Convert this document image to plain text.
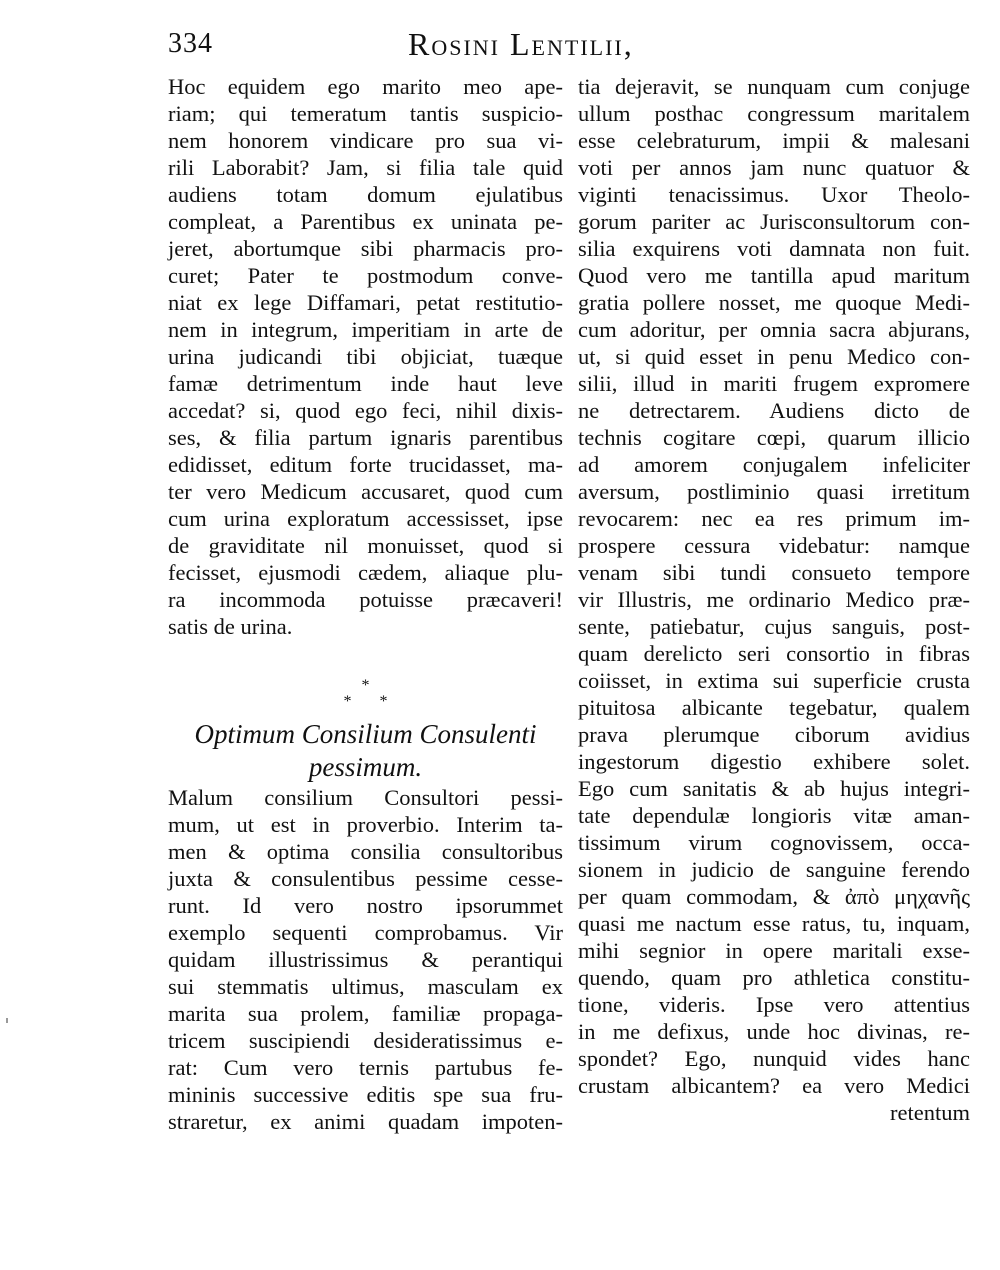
334	Rosini Lentilii,
Hoc equidem ego marito meo ape-
riam; qui temeratum tantis suspicio-
nem honorem vindicare pro sua vi-
rili Laborabit? Jam, si filia tale quid
audiens totam domum ejulatibus
compleat, a Parentibus ex uninata pe-
jeret, abortumque sibi pharmacis pro-
curet; Pater te postmodum conve-
niat ex lege Diffamari, petat restitutio-
nem in integrum, imperitiam in arte de
urina judicandi tibi objiciat, tuæque
famæ detrimentum inde haut leve
accedat? si, quod ego feci, nihil dixis-
ses, & filia partum ignaris parentibus
edidisset, editum forte trucidasset, ma-
ter vero Medicum accusaret, quod cum
cum urina exploratum accessisset, ipse
de graviditate nil monuisset, quod si
fecisset, ejusmodi cædem, aliaque plu-
ra incommoda potuisse præcaveri!
satis de urina.
*
**
Optimum Consilium Consulenti
pessimum.
Malum consilium Consultori pessi-
mum, ut est in proverbio. Interim ta-
men & optima consilia consultoribus
juxta & consulentibus pessime cesse-
runt. Id vero nostro ipsorummet
exemplo sequenti comprobamus. Vir
quidam illustrissimus & perantiqui
sui stemmatis ultimus, masculam ex
marita sua prolem, familiæ propaga-
tricem suscipiendi desideratissimus e-
rat: Cum vero ternis partubus fe-
mininis successive editis spe sua fru-
straretur, ex animi quadam impoten-
tia dejeravit, se nunquam cum conjuge
ullum posthac congressum maritalem
esse celebraturum, impii & malesani
voti per annos jam nunc quatuor &
viginti tenacissimus. Uxor Theolo-
gorum pariter ac Jurisconsultorum con-
silia exquirens voti damnata non fuit.
Quod vero me tantilla apud maritum
gratia pollere nosset, me quoque Medi-
cum adoritur, per omnia sacra abjurans,
ut, si quid esset in penu Medico con-
silii, illud in mariti frugem expromere
ne detrectarem. Audiens dicto de
technis cogitare cœpi, quarum illicio
ad amorem conjugalem infeliciter
aversum, postliminio quasi irretitum
revocarem: nec ea res primum im-
prospere cessura videbatur: namque
venam sibi tundi consueto tempore
vir Illustris, me ordinario Medico præ-
sente, patiebatur, cujus sanguis, post-
quam derelicto seri consortio in fibras
coiisset, in extima sui superficie crusta
pituitosa albicante tegebatur, qualem
prava plerumque ciborum avidius
ingestorum digestio exhibere solet.
Ego cum sanitatis & ab hujus integri-
tate dependulæ longioris vitæ aman-
tissimum virum cognovissem, occa-
sionem in judicio de sanguine ferendo
per quam commodam, & ἀπὸ μηχανῆς
quasi me nactum esse ratus, tu, inquam,
mihi segnior in opere maritali exse-
quendo, quam pro athletica constitu-
tione, videris. Ipse vero attentius
in me defixus, unde hoc divinas, re-
spondet? Ego, nunquid vides hanc
crustam albicantem? ea vero Medici
retentum
